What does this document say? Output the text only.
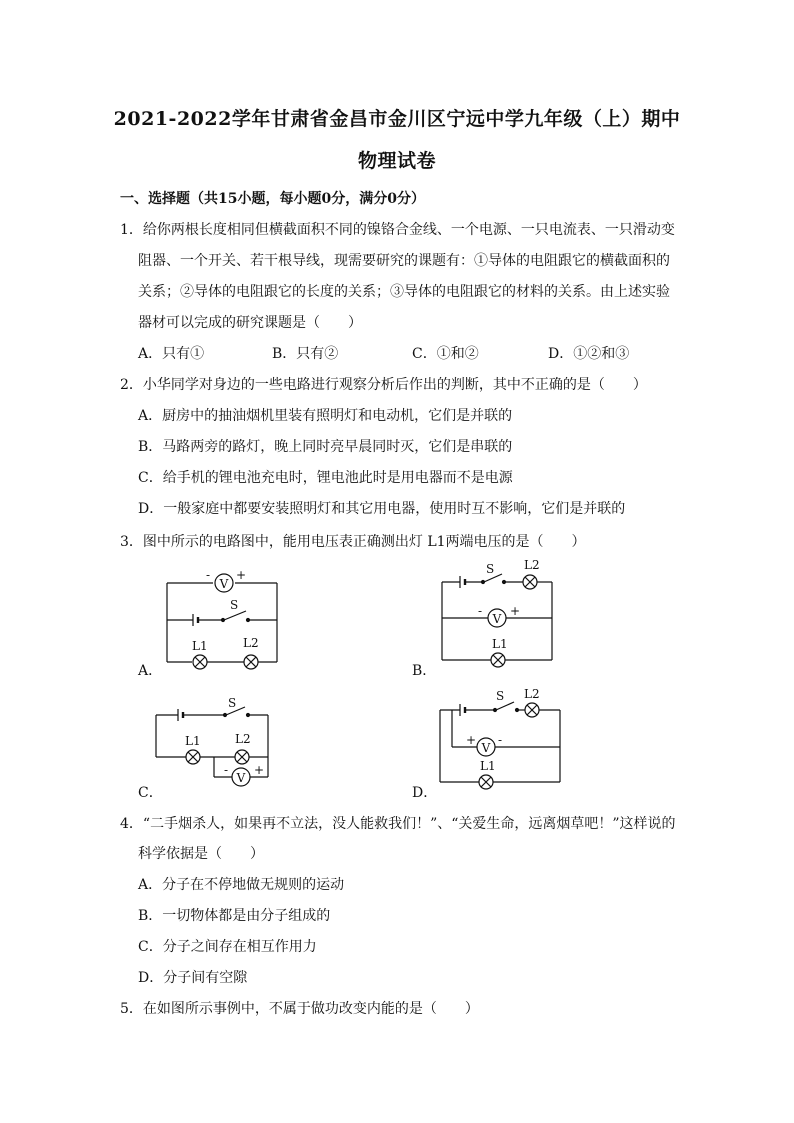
2021-2022学年甘肃省金昌市金川区宁远中学九年级（上）期中
物理试卷
一、选择题（共15小题，每小题0分，满分0分）
1．给你两根长度相同但横截面积不同的镍铬合金线、一个电源、一只电流表、一只滑动变
阻器、一个开关、若干根导线，现需要研究的课题有：①导体的电阻跟它的横截面积的
关系；②导体的电阻跟它的长度的关系；③导体的电阻跟它的材料的关系。由上述实验
器材可以完成的研究课题是（　　）
A．只有①	B．只有②	C．①和②	D．①②和③
2．小华同学对身边的一些电路进行观察分析后作出的判断，其中不正确的是（　　）
A．厨房中的抽油烟机里装有照明灯和电动机，它们是并联的
B．马路两旁的路灯，晚上同时亮早晨同时灭，它们是串联的
C．给手机的锂电池充电时，锂电池此时是用电器而不是电源
D．一般家庭中都要安装照明灯和其它用电器，使用时互不影响，它们是并联的
3．图中所示的电路图中，能用电压表正确测出灯 L1两端电压的是（　　）
V
- +
S
L1	L2
A．
S L2
V
- +
L1
B．
S
L1	L2
V
- +
C．
S L2
V
+ -
L1
D．
4．“二手烟杀人，如果再不立法，没人能救我们！”、“关爱生命，远离烟草吧！”这样说的
科学依据是（　　）
A．分子在不停地做无规则的运动
B．一切物体都是由分子组成的
C．分子之间存在相互作用力
D．分子间有空隙
5．在如图所示事例中，不属于做功改变内能的是（　　）
